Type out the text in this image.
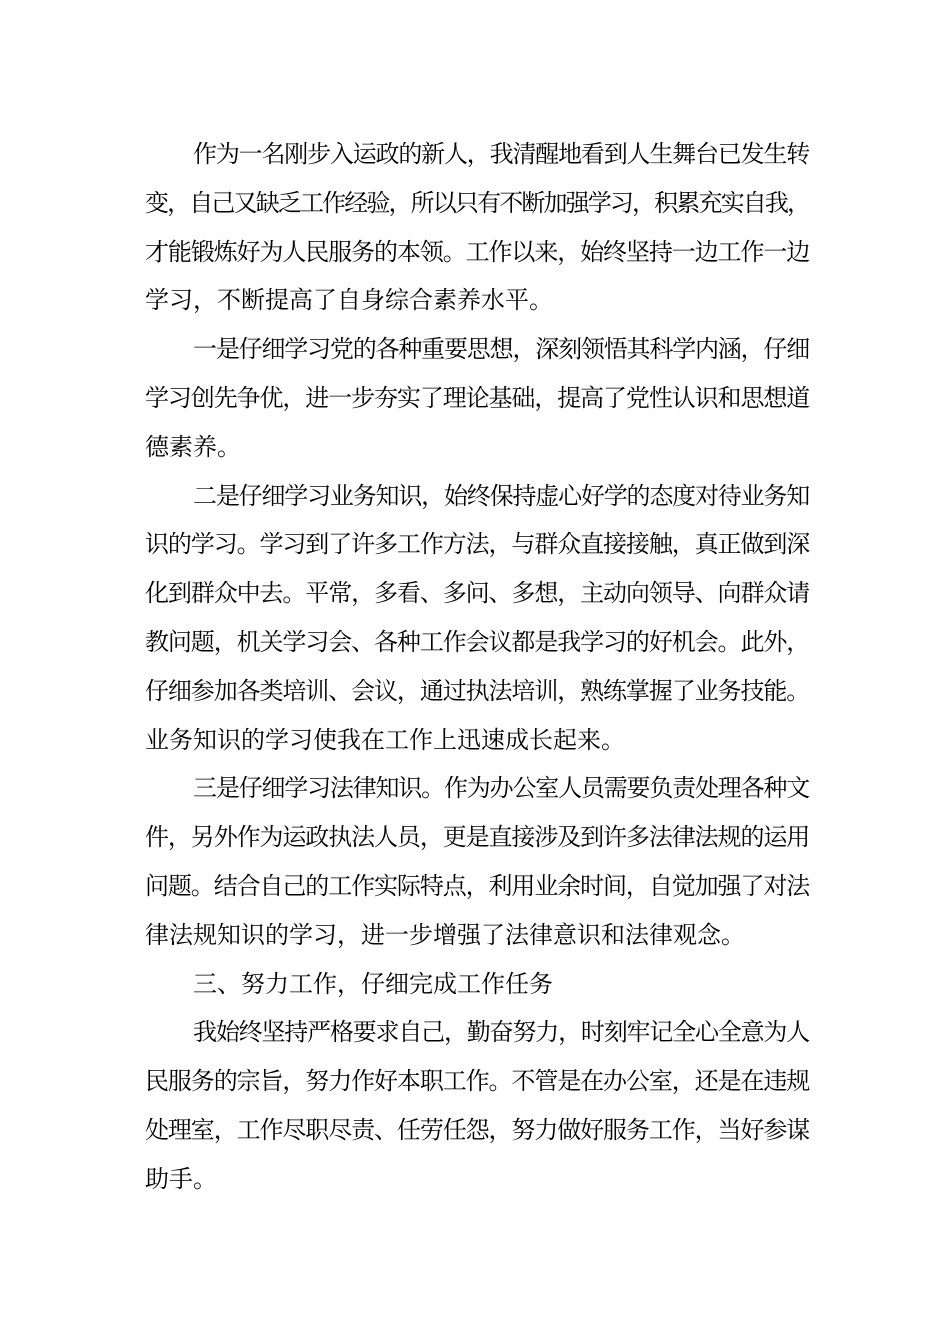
作为一名刚步入运政的新人，我清醒地看到人生舞台已发生转
变，自己又缺乏工作经验，所以只有不断加强学习，积累充实自我，
才能锻炼好为人民服务的本领。工作以来，始终坚持一边工作一边
学习，不断提高了自身综合素养水平。
一是仔细学习党的各种重要思想，深刻领悟其科学内涵，仔细
学习创先争优，进一步夯实了理论基础，提高了党性认识和思想道
德素养。
二是仔细学习业务知识，始终保持虚心好学的态度对待业务知
识的学习。学习到了许多工作方法，与群众直接接触，真正做到深
化到群众中去。平常，多看、多问、多想，主动向领导、向群众请
教问题，机关学习会、各种工作会议都是我学习的好机会。此外，
仔细参加各类培训、会议，通过执法培训，熟练掌握了业务技能。
业务知识的学习使我在工作上迅速成长起来。
三是仔细学习法律知识。作为办公室人员需要负责处理各种文
件，另外作为运政执法人员，更是直接涉及到许多法律法规的运用
问题。结合自己的工作实际特点，利用业余时间，自觉加强了对法
律法规知识的学习，进一步增强了法律意识和法律观念。
三、努力工作，仔细完成工作任务
我始终坚持严格要求自己，勤奋努力，时刻牢记全心全意为人
民服务的宗旨，努力作好本职工作。不管是在办公室，还是在违规
处理室，工作尽职尽责、任劳任怨，努力做好服务工作，当好参谋
助手。
